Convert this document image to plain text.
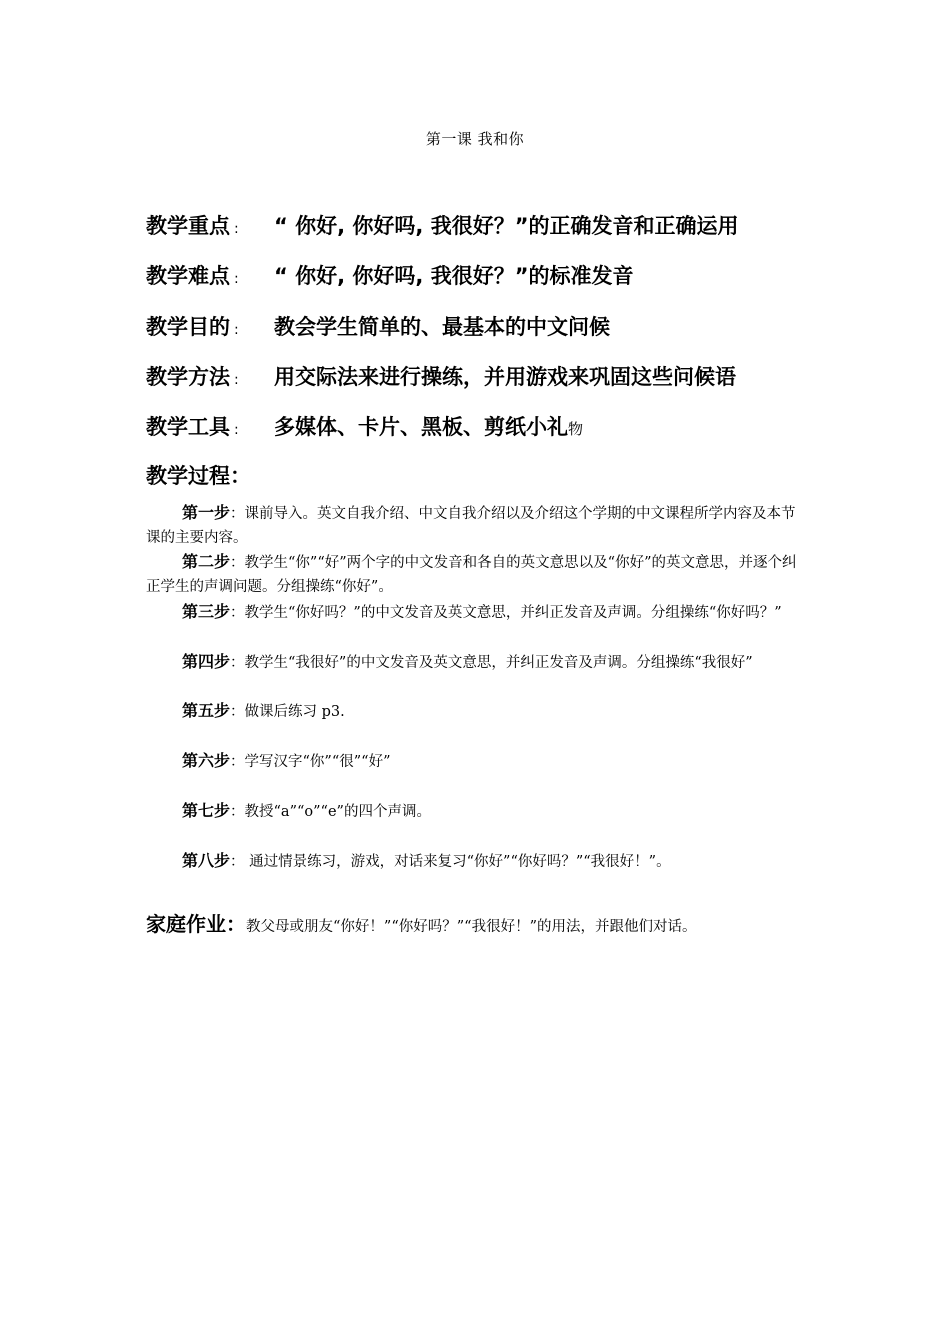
第一课 我和你
教学重点 : “ 你好, 你好吗, 我很好？”的正确发音和正确运用
教学难点 : “ 你好, 你好吗, 我很好？”的标准发音
教学目的 : 教会学生简单的、最基本的中文问候
教学方法 : 用交际法来进行操练，并用游戏来巩固这些问候语
教学工具 : 多媒体、卡片、黑板、剪纸小礼物
教学过程：
第一步：课前导入。英文自我介绍、中文自我介绍以及介绍这个学期的中文课程所学内容及本节课的主要内容。
第二步：教学生“你”“好”两个字的中文发音和各自的英文意思以及“你好”的英文意思，并逐个纠正学生的声调问题。分组操练“你好”。
第三步：教学生“你好吗？”的中文发音及英文意思，并纠正发音及声调。分组操练“你好吗？”
第四步：教学生“我很好”的中文发音及英文意思，并纠正发音及声调。分组操练“我很好”
第五步：做课后练习 p3.
第六步：学写汉字“你”“很”“好”
第七步：教授“a”“o”“e”的四个声调。
第八步： 通过情景练习，游戏，对话来复习“你好”“你好吗？”“我很好！”。
家庭作业：教父母或朋友“你好！”“你好吗？”“我很好！”的用法，并跟他们对话。
